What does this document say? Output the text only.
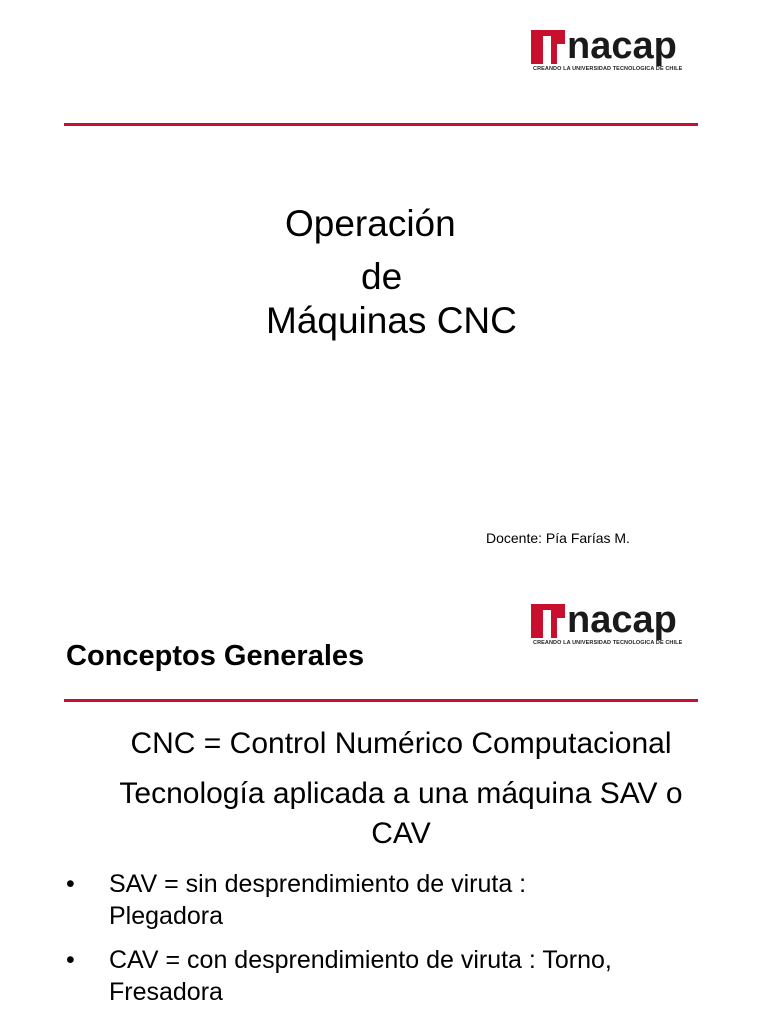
nacap
CREANDO LA UNIVERSIDAD TECNOLOGICA DE CHILE
Operación
de
Máquinas CNC
Docente: Pía Farías M.
nacap
CREANDO LA UNIVERSIDAD TECNOLOGICA DE CHILE
Conceptos Generales
CNC = Control Numérico Computacional
Tecnología aplicada a una máquina SAV o
CAV
• SAV = sin desprendimiento de viruta :
Plegadora
• CAV = con desprendimiento de viruta : Torno,
Fresadora
